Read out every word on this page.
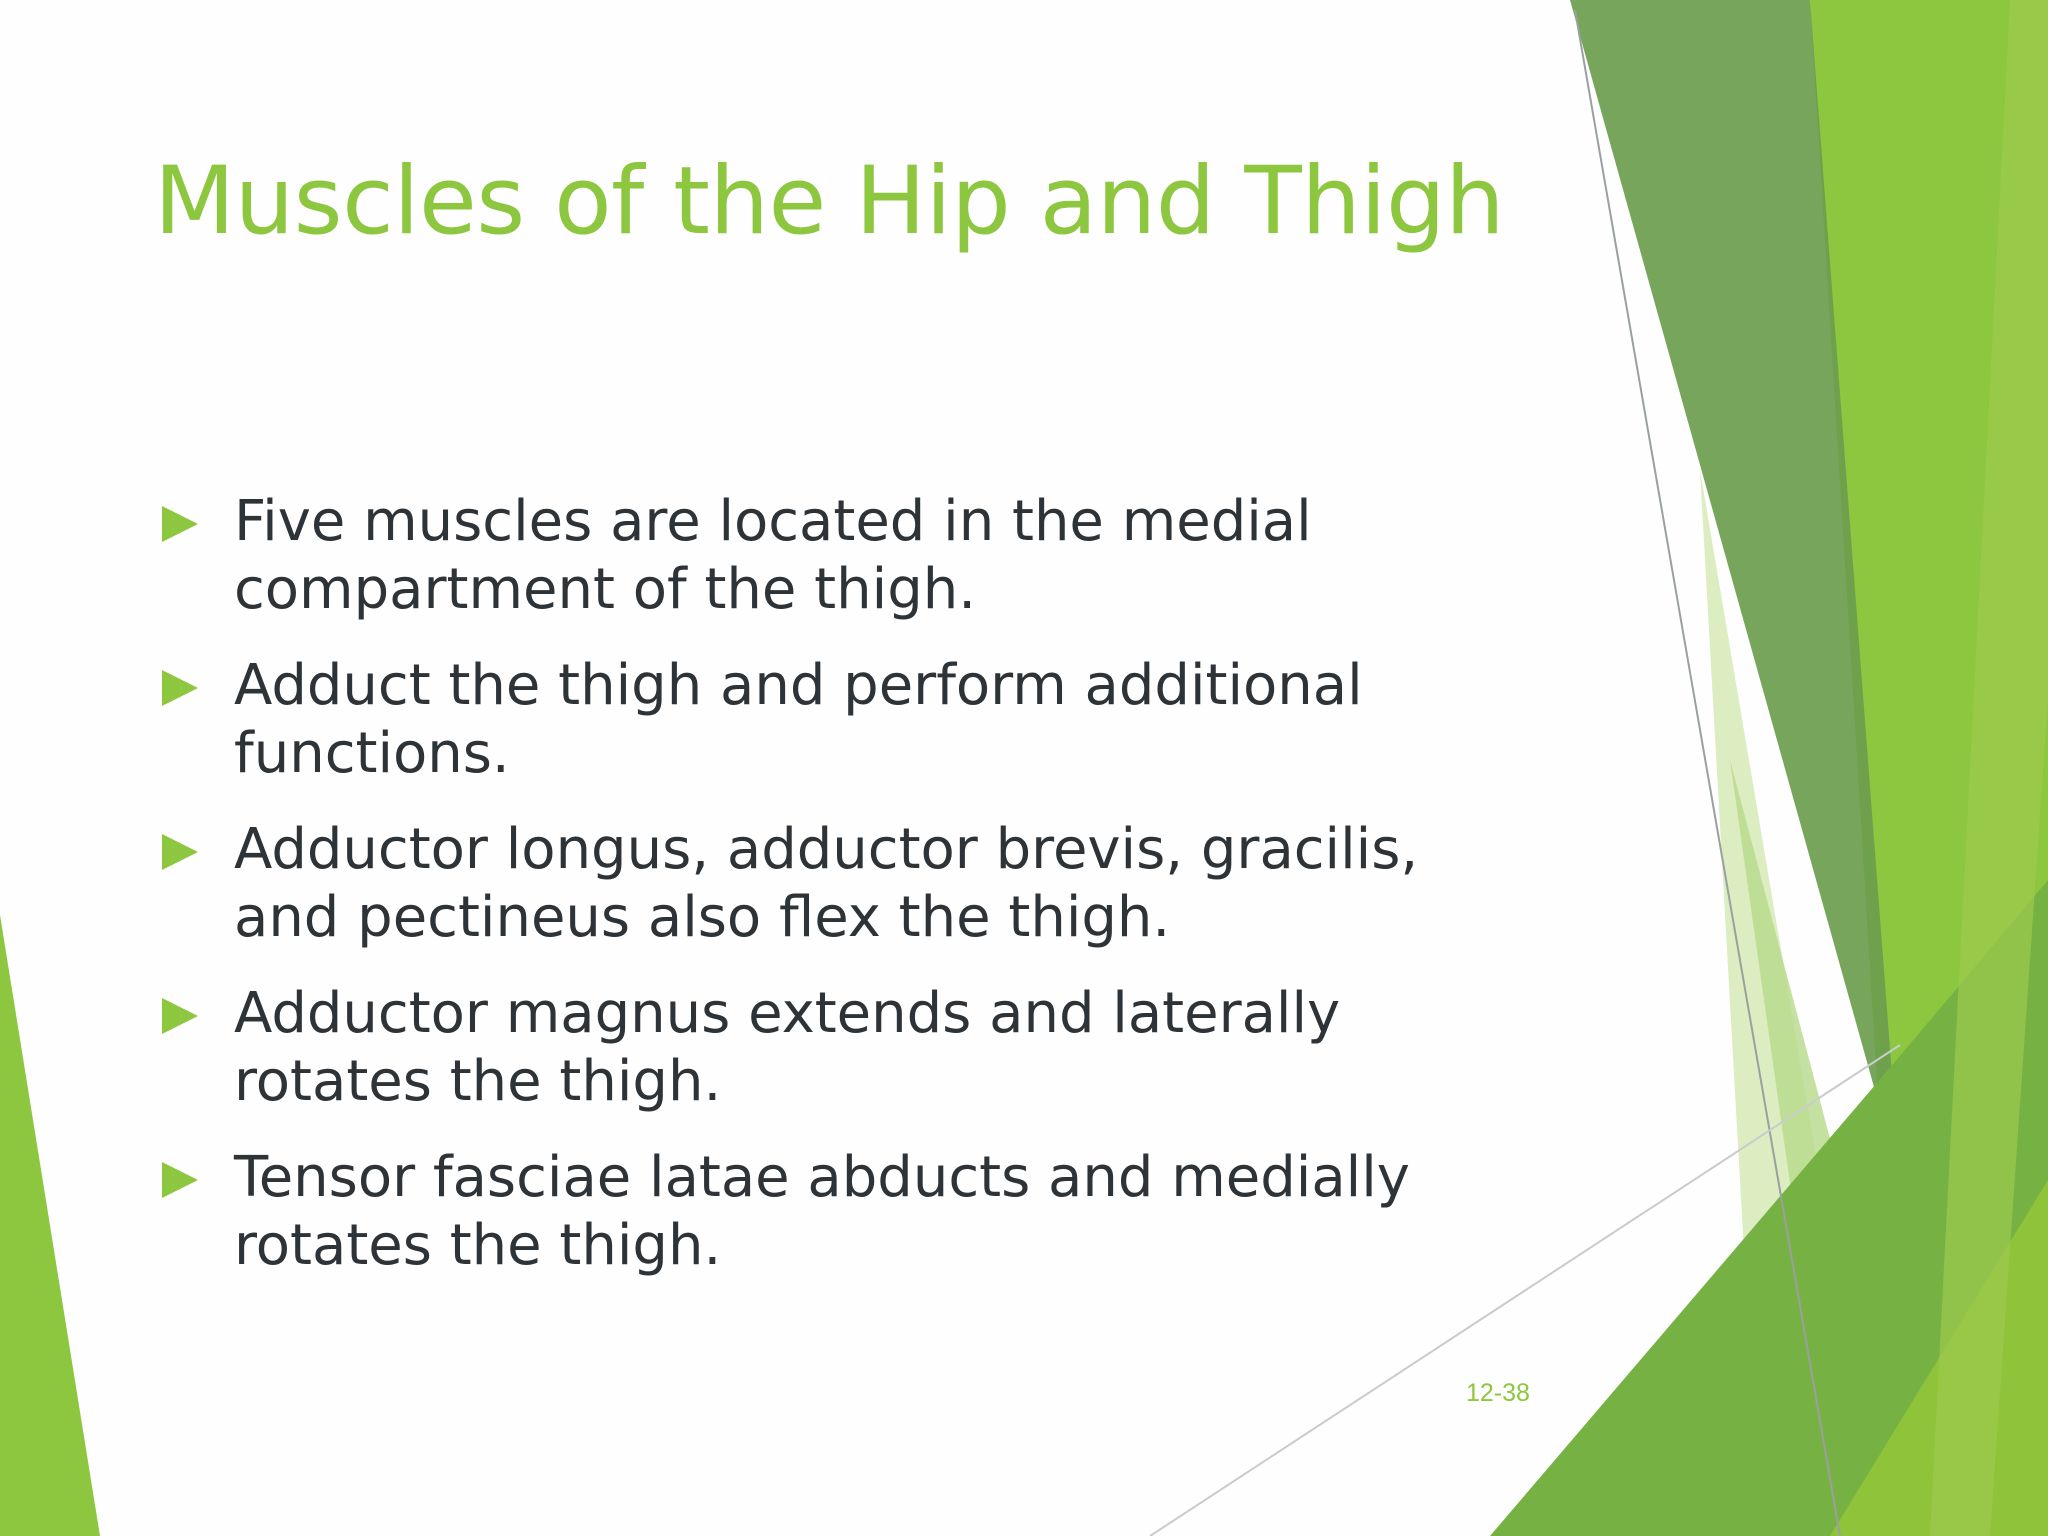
Muscles of the Hip and Thigh
Five muscles are located in the medial compartment of the thigh.
Adduct the thigh and perform additional functions.
Adductor longus, adductor brevis, gracilis, and pectineus also flex the thigh.
Adductor magnus extends and laterally rotates the thigh.
Tensor fasciae latae abducts and medially rotates the thigh.
12-38
